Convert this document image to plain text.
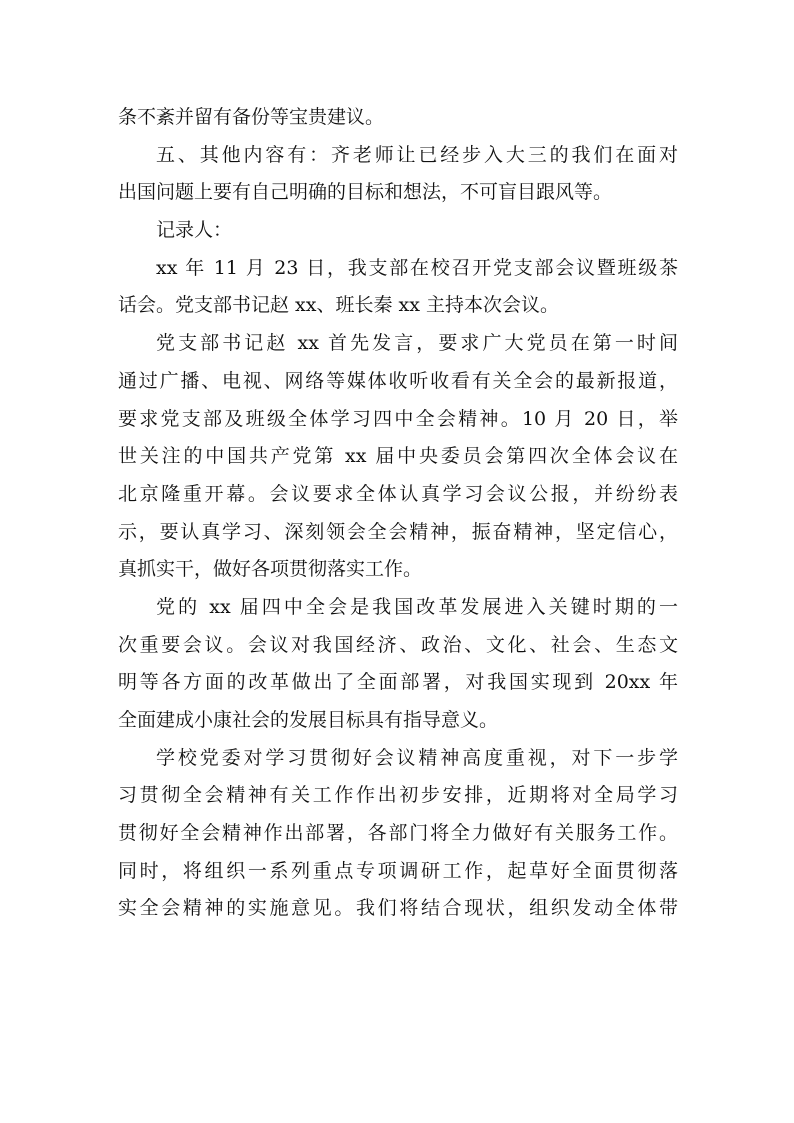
条不紊并留有备份等宝贵建议。
五、其他内容有：齐老师让已经步入大三的我们在面对
出国问题上要有自己明确的目标和想法，不可盲目跟风等。
记录人：
xx 年 11 月 23 日，我支部在校召开党支部会议暨班级茶
话会。党支部书记赵 xx、班长秦 xx 主持本次会议。
党支部书记赵 xx 首先发言，要求广大党员在第一时间
通过广播、电视、网络等媒体收听收看有关全会的最新报道，
要求党支部及班级全体学习四中全会精神。10 月 20 日，举
世关注的中国共产党第 xx 届中央委员会第四次全体会议在
北京隆重开幕。会议要求全体认真学习会议公报，并纷纷表
示，要认真学习、深刻领会全会精神，振奋精神，坚定信心，
真抓实干，做好各项贯彻落实工作。
党的 xx 届四中全会是我国改革发展进入关键时期的一
次重要会议。会议对我国经济、政治、文化、社会、生态文
明等各方面的改革做出了全面部署，对我国实现到 20xx 年
全面建成小康社会的发展目标具有指导意义。
学校党委对学习贯彻好会议精神高度重视，对下一步学
习贯彻全会精神有关工作作出初步安排，近期将对全局学习
贯彻好全会精神作出部署，各部门将全力做好有关服务工作。
同时，将组织一系列重点专项调研工作，起草好全面贯彻落
实全会精神的实施意见。我们将结合现状，组织发动全体带
